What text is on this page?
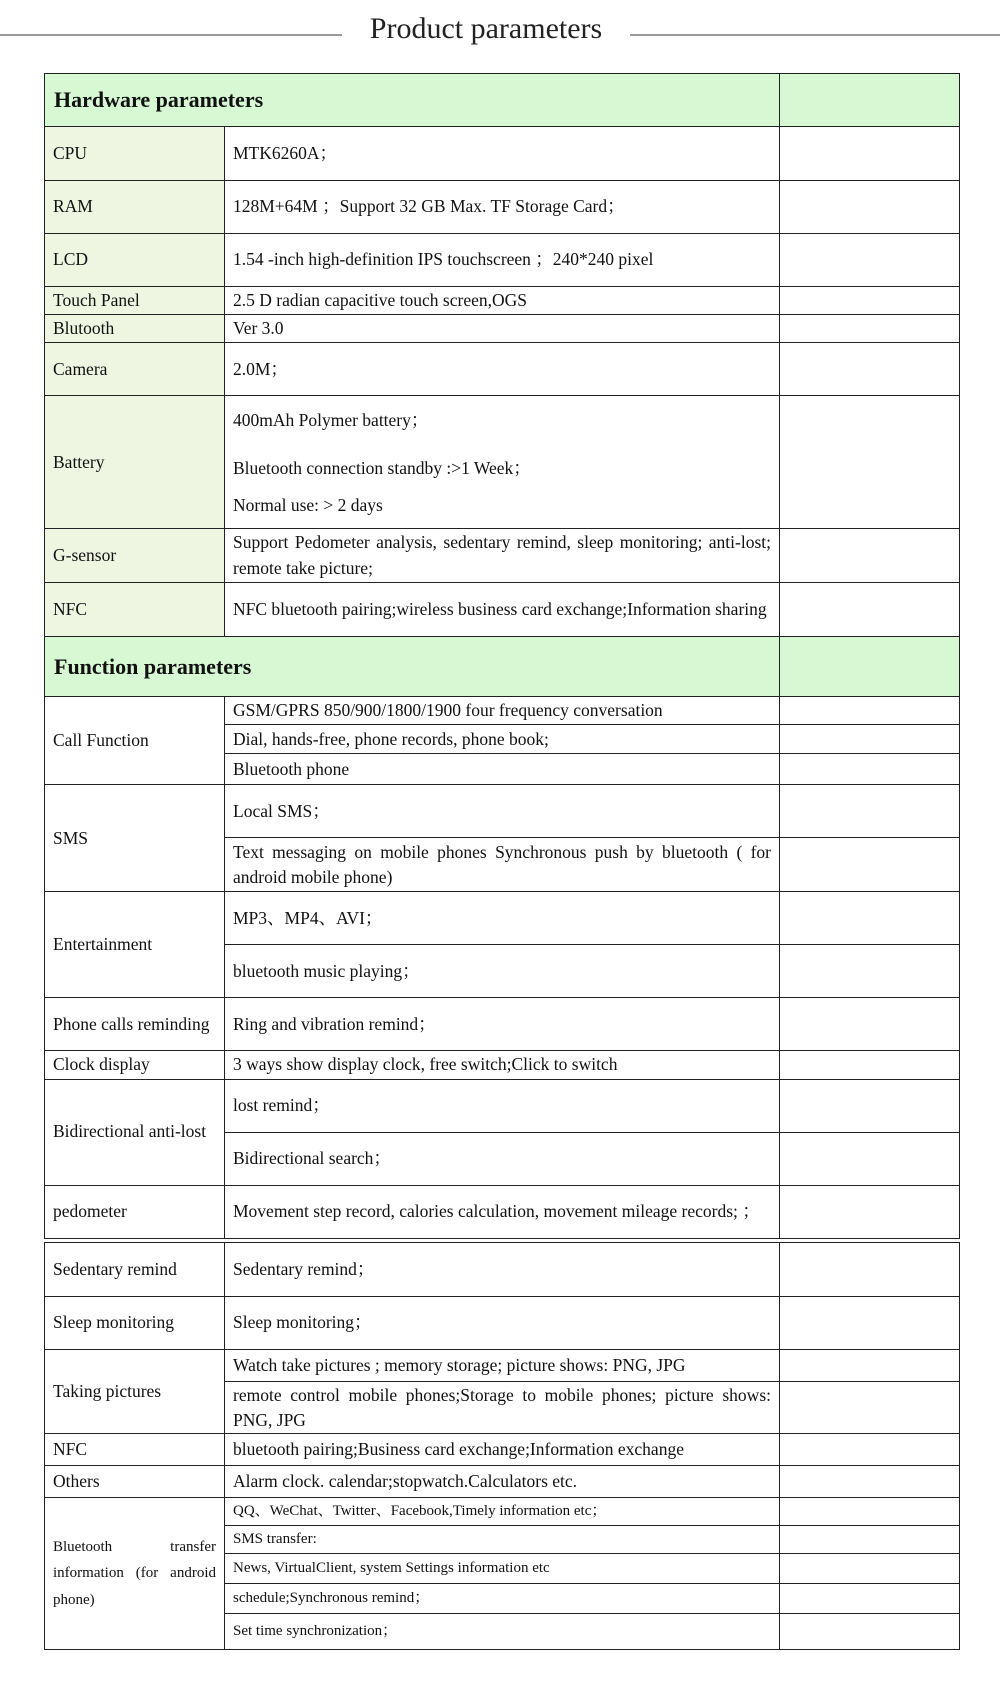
Product parameters
Hardware parameters		
CPU	MTK6260A；	
RAM	128M+64M ；Support 32 GB Max. TF Storage Card；	
LCD	1.54 -inch high-definition IPS touchscreen ；240*240 pixel	
Touch Panel	2.5 D radian capacitive touch screen,OGS	
Blutooth	Ver 3.0	
Camera	2.0M；	
Battery	400mAh Polymer battery；
Bluetooth connection standby :>1 Week；
Normal use: > 2 days	

G-sensor	Support Pedometer analysis, sedentary remind, sleep monitoring; anti-lost; remote take picture;	
NFC	NFC bluetooth pairing;wireless business card exchange;Information sharing	
Function parameters		
Call Function	GSM/GPRS 850/900/1800/1900 four frequency conversation	
	Dial, hands-free, phone records, phone book;	
	Bluetooth phone	
SMS	Local SMS；	
	Text messaging on mobile phones Synchronous push by bluetooth ( for android mobile phone)	
Entertainment	MP3、MP4、AVI；	
	bluetooth music playing；	
Phone calls reminding	Ring and vibration remind；	
Clock display	3 ways show display clock, free switch;Click to switch	
Bidirectional anti-lost	lost remind；	
	Bidirectional search；	
pedometer	Movement step record, calories calculation, movement mileage records; ；	
Sedentary remind	Sedentary remind；	
Sleep monitoring	Sleep monitoring；	
Taking pictures	Watch take pictures ; memory storage; picture shows: PNG, JPG	
	remote control mobile phones;Storage to mobile phones; picture shows: PNG, JPG	
NFC	bluetooth pairing;Business card exchange;Information exchange	
Others	Alarm clock. calendar;stopwatch.Calculators etc.	
Bluetooth transfer information (for android phone)	QQ、WeChat、Twitter、Facebook,Timely information etc；	
	SMS transfer:	
	News, VirtualClient, system Settings information etc	
	schedule;Synchronous remind；	
	Set time synchronization；	
